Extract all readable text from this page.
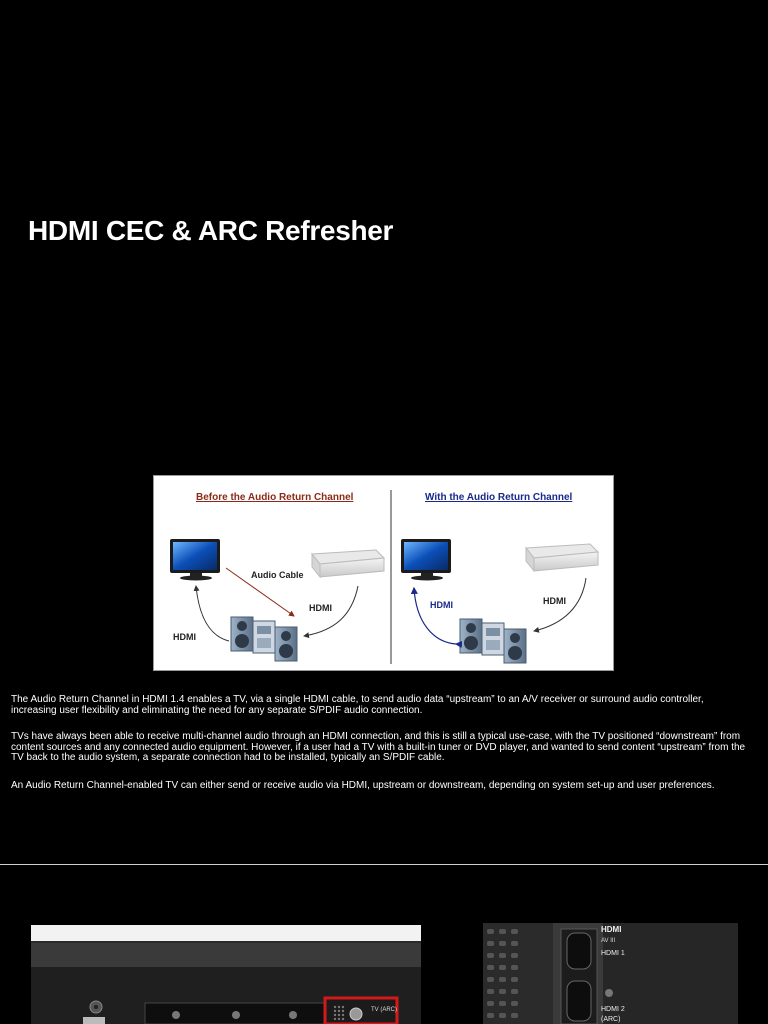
HDMI CEC & ARC Refresher
Before the Audio Return Channel	With the Audio Return Channel
Audio Cable
HDMI
HDMI
HDMI	HDMI

The Audio Return Channel in HDMI 1.4 enables a TV, via a single HDMI cable, to send audio data “upstream” to an A/V receiver or surround audio controller, increasing user flexibility and eliminating the need for any separate S/PDIF audio connection.

TVs have always been able to receive multi-channel audio through an HDMI connection, and this is still a typical use-case, with the TV positioned “downstream” from content sources and any connected audio equipment. However, if a user had a TV with a built-in tuner or DVD player, and wanted to send content “upstream” from the TV back to the audio system, a separate connection had to be installed, typically an S/PDIF cable.

An Audio Return Channel-enabled TV can either send or receive audio via HDMI, upstream or downstream, depending on system set-up and user preferences.

TV (ARC)
HDMI
AV III
HDMI 1
HDMI 2
(ARC)
